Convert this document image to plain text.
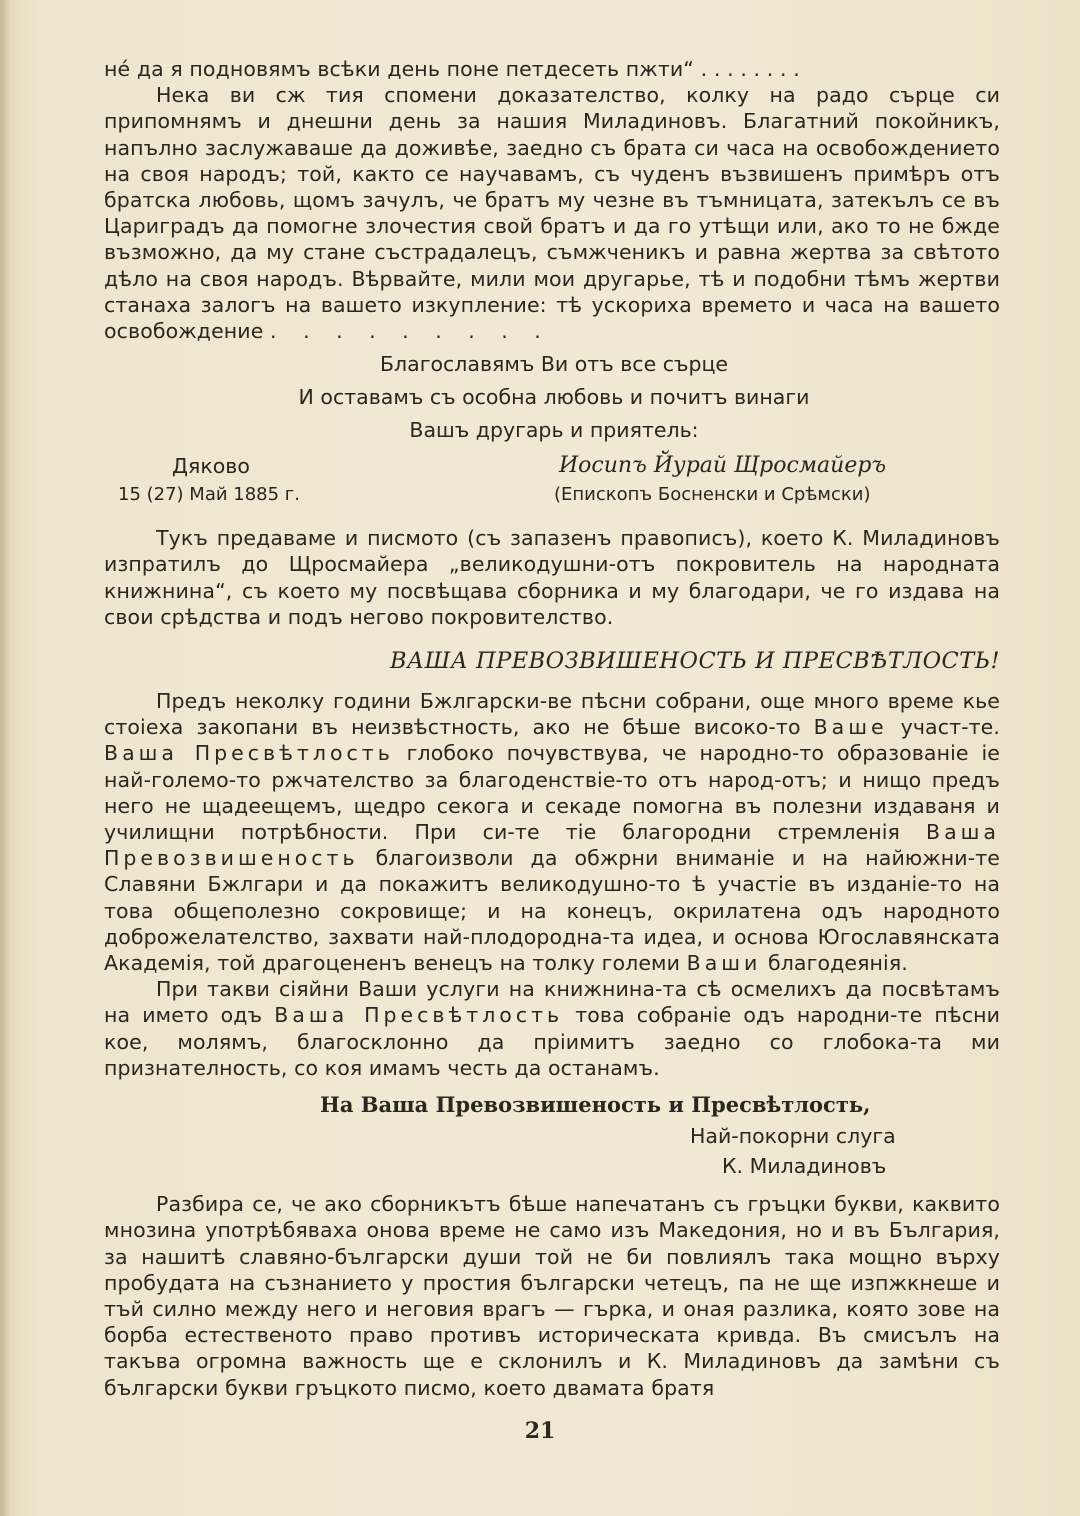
нé да я подновямъ всѣки день поне петдесеть пжти“ . . . . . . . .

Нека ви сж тия спомени доказателство, колку на радо сърце си припомнямъ и днешни день за нашия Миладиновъ. Благатний покойникъ, напълно заслужаваше да доживѣе, заедно съ брата си часа на освобождението на своя народъ; той, както се научавамъ, съ чуденъ възвишенъ примѣръ отъ братска любовь, щомъ зачулъ, че братъ му чезне въ тъмницата, затекълъ се въ Цариградъ да помогне злочестия свой братъ и да го утѣщи или, ако то не бжде възможно, да му стане състрадалецъ, съмжченикъ и равна жертва за свѣтото дѣло на своя народъ. Вѣрвайте, мили мои другарье, тѣ и подобни тѣмъ жертви станаха залогъ на вашето изкупление: тѣ ускориха времето и часа на вашето освобождение . . . . . . . . .

Благославямъ Ви отъ все сърце

И оставамъ съ особна любовь и почитъ винаги

Вашъ другарь и приятель:

Дяково
15 (27) Май 1885 г.
Иосипъ Йурай Щросмайеръ
(Епископъ Босненски и Срѣмски)

Тукъ предаваме и писмото (съ запазенъ правописъ), което К. Миладиновъ изпратилъ до Щросмайера „великодушни-отъ покровитель на народната книжнина“, съ което му посвѣщава сборника и му благодари, че го издава на свои срѣдства и подъ негово покровителство.

ВАША ПРЕВОЗВИШЕНОСТЬ И ПРЕСВѢТЛОСТЬ!

Предъ неколку години Бжлгарски-ве пѣсни собрани, още много време кье стоiеха закопани въ неизвѣстность, ако не бѣше високо-то Ваше участ-те. Ваша Пресвѣтлость глобоко почувствува, че народно-то образованiе iе най-големо-то ржчателство за благоденствiе-то отъ народ-отъ; и нищо предъ него не щадеещемъ, щедро секога и секаде помогна въ полезни издаваня и училищни потрѣбности. При си-те тiе благородни стремленiя Ваша Превозвишеность благоизволи да обжрни вниманiе и на найюжни-те Славяни Бжлгари и да покажитъ великодушно-то ѣ участiе въ изданiе-то на това общеполезно сокровище; и на конецъ, окрилатена одъ народното доброжелателство, захвати най-плодородна-та идеа, и основа Югославянската Академiя, той драгоцененъ венецъ на толку големи Ваши благодеянiя.

При такви сiяйни Ваши услуги на книжнина-та сѣ осмелихъ да посвѣтамъ на името одъ Ваша Пресвѣтлость това собранiе одъ народни-те пѣсни кое, молямъ, благосклонно да прiимитъ заедно со глобока-та ми признателность, со коя имамъ честь да останамъ.

На Ваша Превозвишеность и Пресвѣтлость,

Най-покорни слуга

К. Миладиновъ

Разбира се, че ако сборникътъ бѣше напечатанъ съ гръцки букви, каквито мнозина употрѣбяваха онова време не само изъ Македония, но и въ България, за нашитѣ славяно-български души той не би повлиялъ така мощно върху пробудата на съзнанието у простия български четецъ, па не ще изпжкнеше и тъй силно между него и неговия врагъ — гърка, и оная разлика, която зове на борба естественото право противъ историческата кривда. Въ смисълъ на такъва огромна важность ще е склонилъ и К. Миладиновъ да замѣни съ български букви гръцкото писмо, което двамата братя

21
